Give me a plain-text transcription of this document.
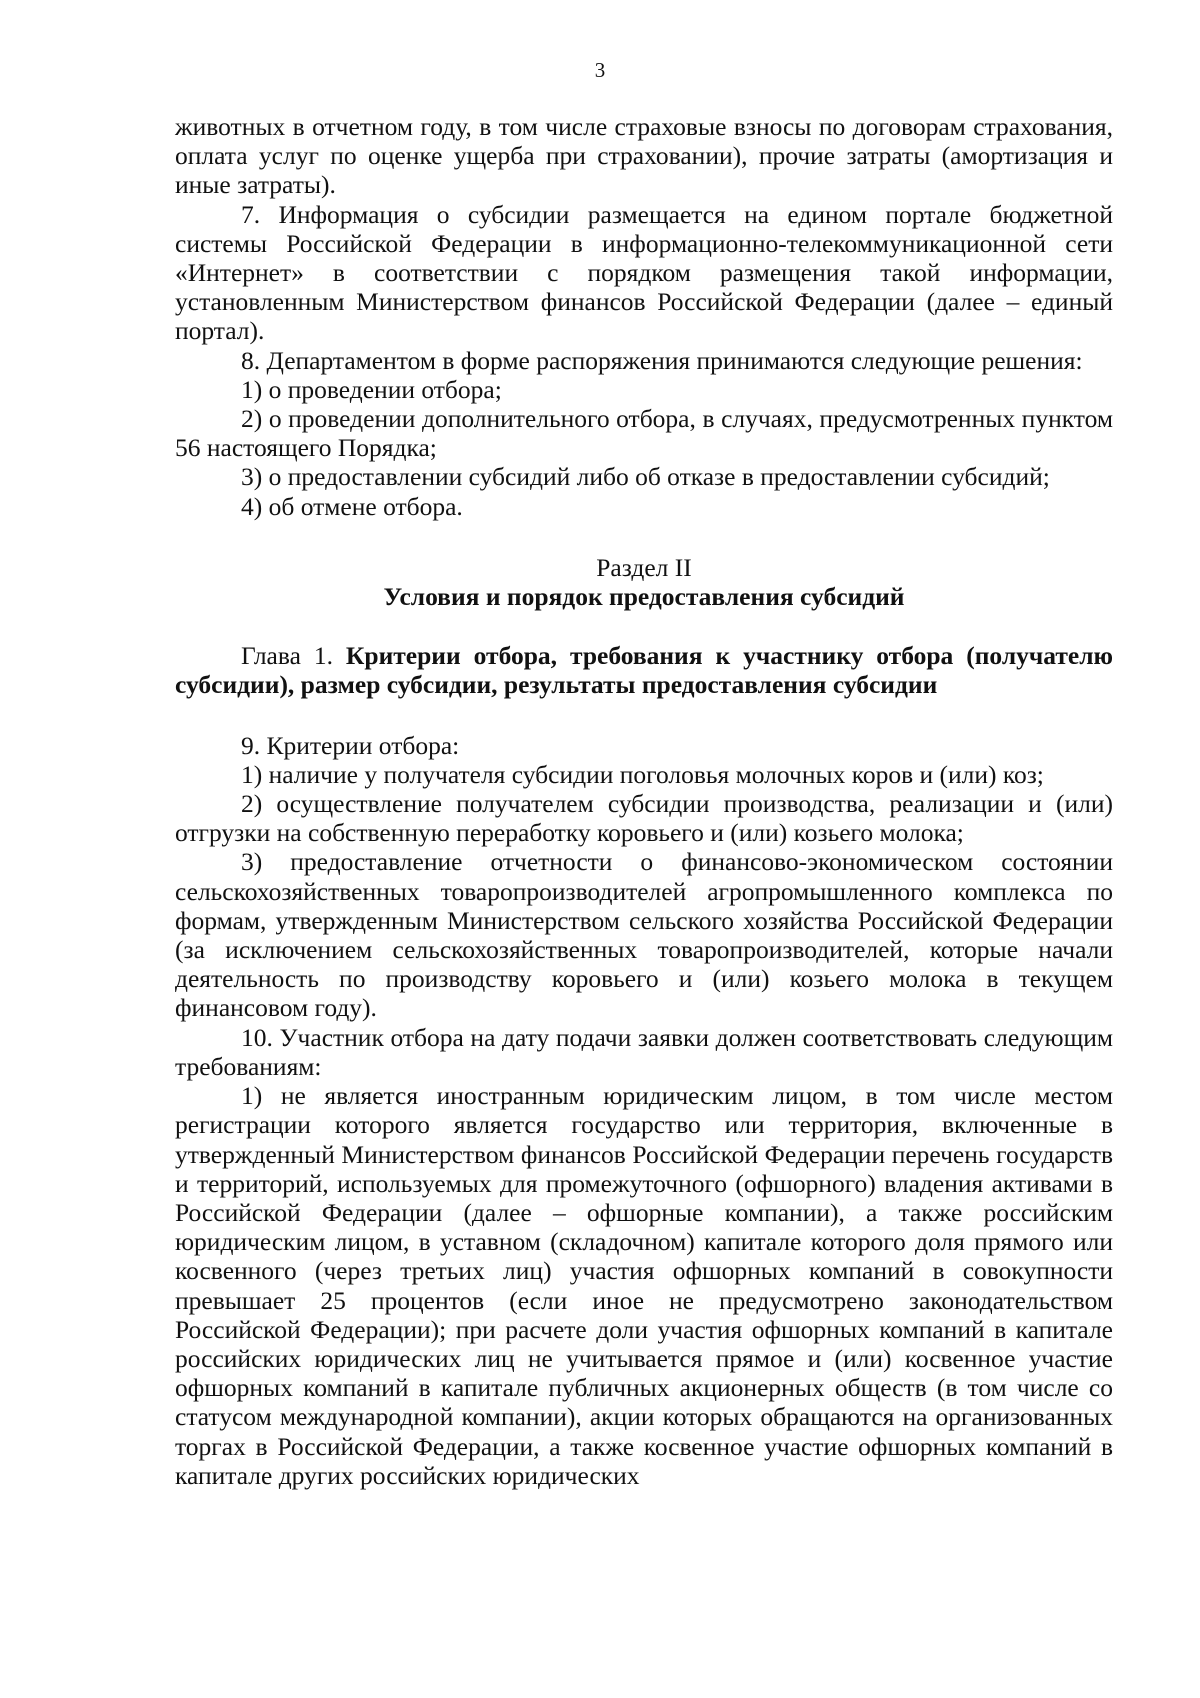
3

животных в отчетном году, в том числе страховые взносы по договорам страхования, оплата услуг по оценке ущерба при страховании), прочие затраты (амортизация и иные затраты).

7. Информация о субсидии размещается на едином портале бюджетной системы Российской Федерации в информационно-телекоммуникационной сети «Интернет» в соответствии с порядком размещения такой информации, установленным Министерством финансов Российской Федерации (далее – единый портал).

8. Департаментом в форме распоряжения принимаются следующие решения:

1) о проведении отбора;

2) о проведении дополнительного отбора, в случаях, предусмотренных пунктом 56 настоящего Порядка;

3) о предоставлении субсидий либо об отказе в предоставлении субсидий;

4) об отмене отбора.

Раздел II

Условия и порядок предоставления субсидий

Глава 1. Критерии отбора, требования к участнику отбора (получателю субсидии), размер субсидии, результаты предоставления субсидии

9. Критерии отбора:

1) наличие у получателя субсидии поголовья молочных коров и (или) коз;

2) осуществление получателем субсидии производства, реализации и (или) отгрузки на собственную переработку коровьего и (или) козьего молока;

3) предоставление отчетности о финансово-экономическом состоянии сельскохозяйственных товаропроизводителей агропромышленного комплекса по формам, утвержденным Министерством сельского хозяйства Российской Федерации (за исключением сельскохозяйственных товаропроизводителей, которые начали деятельность по производству коровьего и (или) козьего молока в текущем финансовом году).

10. Участник отбора на дату подачи заявки должен соответствовать следующим требованиям:

1) не является иностранным юридическим лицом, в том числе местом регистрации которого является государство или территория, включенные в утвержденный Министерством финансов Российской Федерации перечень государств и территорий, используемых для промежуточного (офшорного) владения активами в Российской Федерации (далее – офшорные компании), а также российским юридическим лицом, в уставном (складочном) капитале которого доля прямого или косвенного (через третьих лиц) участия офшорных компаний в совокупности превышает 25 процентов (если иное не предусмотрено законодательством Российской Федерации); при расчете доли участия офшорных компаний в капитале российских юридических лиц не учитывается прямое и (или) косвенное участие офшорных компаний в капитале публичных акционерных обществ (в том числе со статусом международной компании), акции которых обращаются на организованных торгах в Российской Федерации, а также косвенное участие офшорных компаний в капитале других российских юридических
